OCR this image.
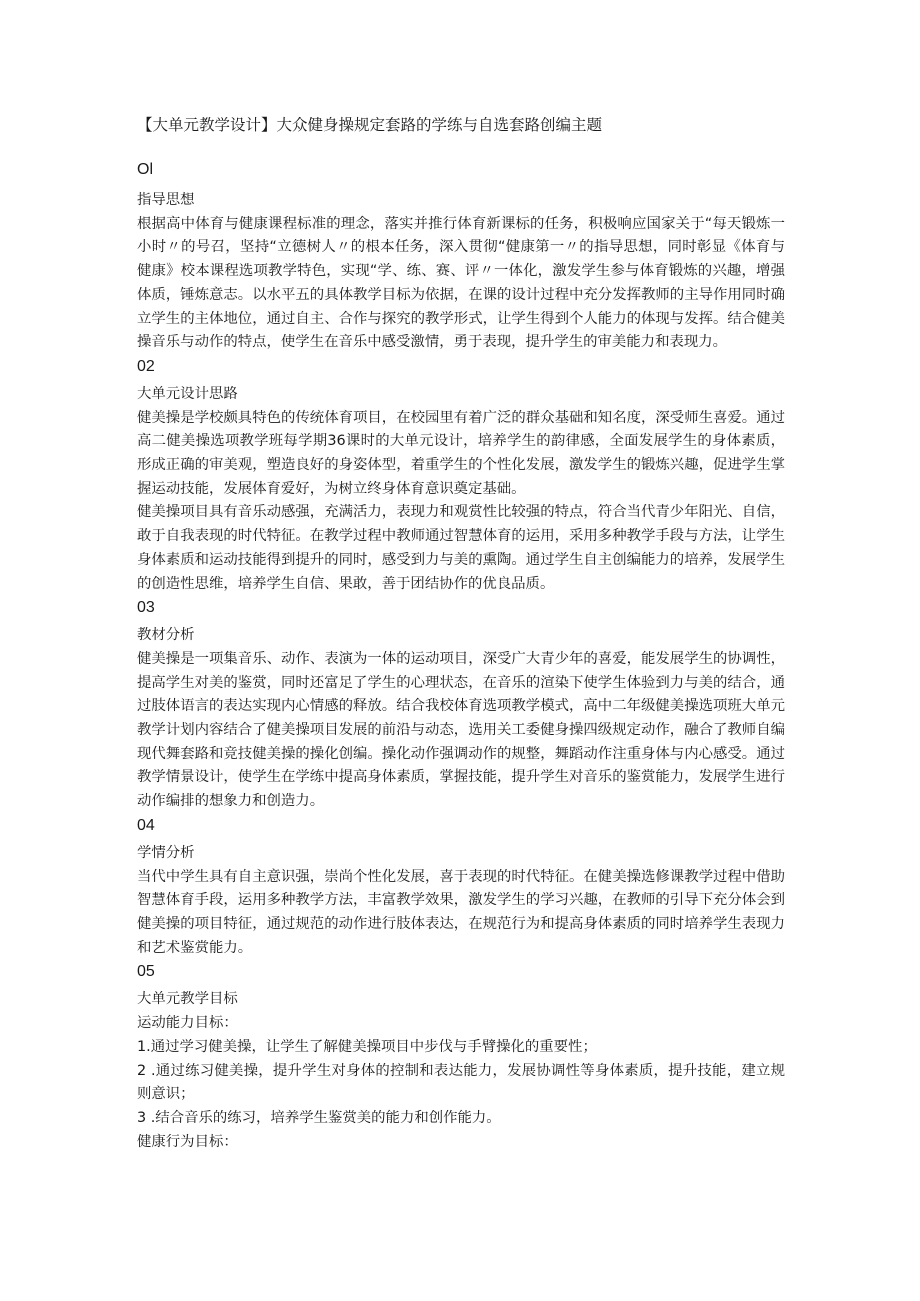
【大单元教学设计】大众健身操规定套路的学练与自选套路创编主题

Ol

指导思想

根据高中体育与健康课程标准的理念，落实并推行体育新课标的任务，积极响应国家关于“每天锻炼一小时〃的号召，坚持“立德树人〃的根本任务，深入贯彻“健康第一〃的指导思想，同时彰显《体育与健康》校本课程选项教学特色，实现“学、练、赛、评〃一体化，激发学生参与体育锻炼的兴趣，增强体质，锤炼意志。以水平五的具体教学目标为依据，在课的设计过程中充分发挥教师的主导作用同时确立学生的主体地位，通过自主、合作与探究的教学形式，让学生得到个人能力的体现与发挥。结合健美操音乐与动作的特点，使学生在音乐中感受激情，勇于表现，提升学生的审美能力和表现力。

02

大单元设计思路

健美操是学校颇具特色的传统体育项目，在校园里有着广泛的群众基础和知名度，深受师生喜爱。通过高二健美操选项教学班每学期36课时的大单元设计，培养学生的韵律感，全面发展学生的身体素质，形成正确的审美观，塑造良好的身姿体型，着重学生的个性化发展，激发学生的锻炼兴趣，促进学生掌握运动技能，发展体育爱好，为树立终身体育意识奠定基础。

健美操项目具有音乐动感强，充满活力，表现力和观赏性比较强的特点，符合当代青少年阳光、自信，敢于自我表现的时代特征。在教学过程中教师通过智慧体育的运用，采用多种教学手段与方法，让学生身体素质和运动技能得到提升的同时，感受到力与美的熏陶。通过学生自主创编能力的培养，发展学生的创造性思维，培养学生自信、果敢，善于团结协作的优良品质。

03

教材分析

健美操是一项集音乐、动作、表演为一体的运动项目，深受广大青少年的喜爱，能发展学生的协调性，提高学生对美的鉴赏，同时还富足了学生的心理状态，在音乐的渲染下使学生体验到力与美的结合，通过肢体语言的表达实现内心情感的释放。结合我校体育选项教学模式，高中二年级健美操选项班大单元教学计划内容结合了健美操项目发展的前沿与动态，选用关工委健身操四级规定动作，融合了教师自编现代舞套路和竞技健美操的操化创编。操化动作强调动作的规整，舞蹈动作注重身体与内心感受。通过教学情景设计，使学生在学练中提高身体素质，掌握技能，提升学生对音乐的鉴赏能力，发展学生进行动作编排的想象力和创造力。

04

学情分析

当代中学生具有自主意识强，崇尚个性化发展，喜于表现的时代特征。在健美操选修课教学过程中借助智慧体育手段，运用多种教学方法，丰富教学效果，激发学生的学习兴趣，在教师的引导下充分体会到健美操的项目特征，通过规范的动作进行肢体表达，在规范行为和提高身体素质的同时培养学生表现力和艺术鉴赏能力。

05

大单元教学目标

运动能力目标：

1.通过学习健美操，让学生了解健美操项目中步伐与手臂操化的重要性；

2 .通过练习健美操，提升学生对身体的控制和表达能力，发展协调性等身体素质，提升技能，建立规则意识；

3 .结合音乐的练习，培养学生鉴赏美的能力和创作能力。

健康行为目标：
